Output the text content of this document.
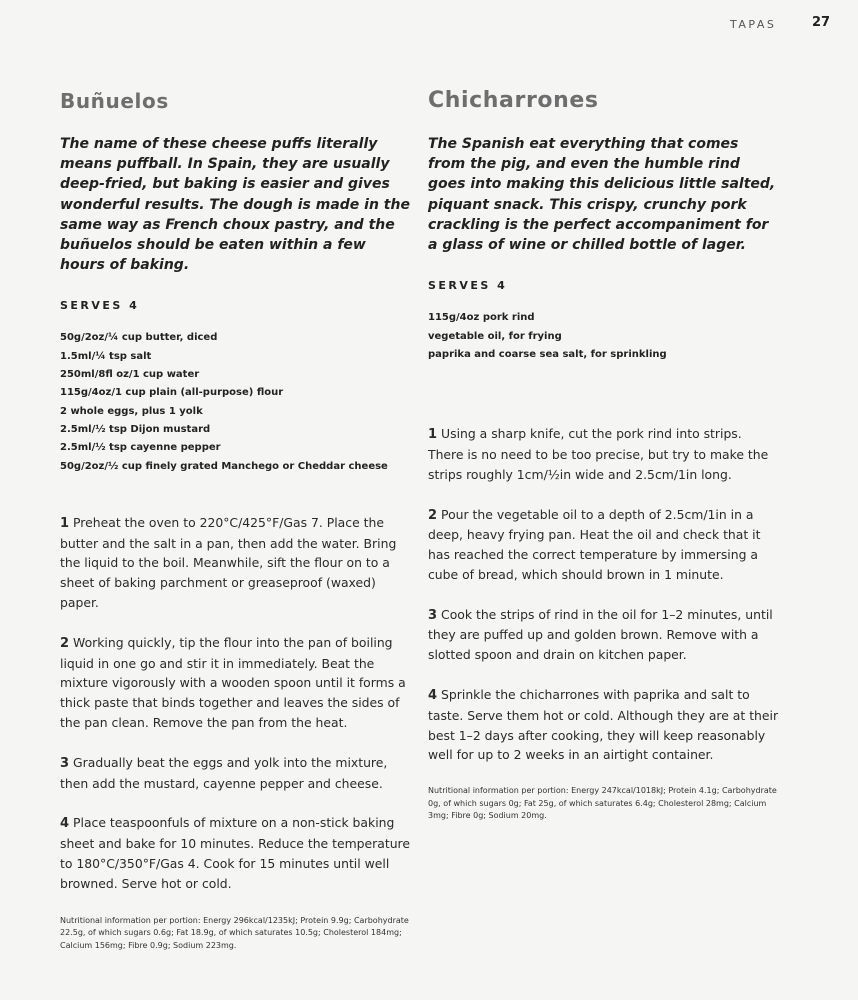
TAPAS	27
Buñuelos

The name of these cheese puffs literally means puffball. In Spain, they are usually deep-fried, but baking is easier and gives wonderful results. The dough is made in the same way as French choux pastry, and the buñuelos should be eaten within a few hours of baking.

SERVES 4

50g/2oz/¼ cup butter, diced
1.5ml/¼ tsp salt
250ml/8fl oz/1 cup water
115g/4oz/1 cup plain (all-purpose) flour
2 whole eggs, plus 1 yolk
2.5ml/½ tsp Dijon mustard
2.5ml/½ tsp cayenne pepper
50g/2oz/½ cup finely grated Manchego or Cheddar cheese

1 Preheat the oven to 220°C/425°F/Gas 7. Place the butter and the salt in a pan, then add the water. Bring the liquid to the boil. Meanwhile, sift the flour on to a sheet of baking parchment or greaseproof (waxed) paper.

2 Working quickly, tip the flour into the pan of boiling liquid in one go and stir it in immediately. Beat the mixture vigorously with a wooden spoon until it forms a thick paste that binds together and leaves the sides of the pan clean. Remove the pan from the heat.

3 Gradually beat the eggs and yolk into the mixture, then add the mustard, cayenne pepper and cheese.

4 Place teaspoonfuls of mixture on a non-stick baking sheet and bake for 10 minutes. Reduce the temperature to 180°C/350°F/Gas 4. Cook for 15 minutes until well browned. Serve hot or cold.

Nutritional information per portion: Energy 296kcal/1235kJ; Protein 9.9g; Carbohydrate 22.5g, of which sugars 0.6g; Fat 18.9g, of which saturates 10.5g; Cholesterol 184mg; Calcium 156mg; Fibre 0.9g; Sodium 223mg.

Chicharrones

The Spanish eat everything that comes from the pig, and even the humble rind goes into making this delicious little salted, piquant snack. This crispy, crunchy pork crackling is the perfect accompaniment for a glass of wine or chilled bottle of lager.

SERVES 4

115g/4oz pork rind
vegetable oil, for frying
paprika and coarse sea salt, for sprinkling

1 Using a sharp knife, cut the pork rind into strips. There is no need to be too precise, but try to make the strips roughly 1cm/½in wide and 2.5cm/1in long.

2 Pour the vegetable oil to a depth of 2.5cm/1in in a deep, heavy frying pan. Heat the oil and check that it has reached the correct temperature by immersing a cube of bread, which should brown in 1 minute.

3 Cook the strips of rind in the oil for 1–2 minutes, until they are puffed up and golden brown. Remove with a slotted spoon and drain on kitchen paper.

4 Sprinkle the chicharrones with paprika and salt to taste. Serve them hot or cold. Although they are at their best 1–2 days after cooking, they will keep reasonably well for up to 2 weeks in an airtight container.

Nutritional information per portion: Energy 247kcal/1018kJ; Protein 4.1g; Carbohydrate 0g, of which sugars 0g; Fat 25g, of which saturates 6.4g; Cholesterol 28mg; Calcium 3mg; Fibre 0g; Sodium 20mg.
